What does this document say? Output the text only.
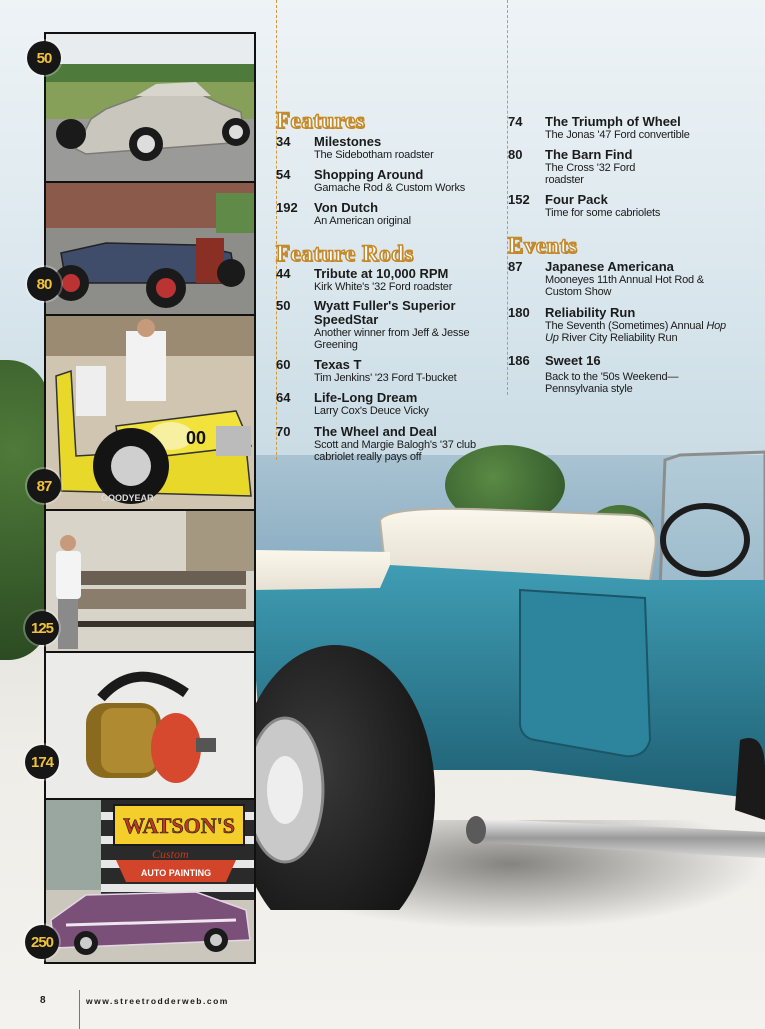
00
GOODYEAR
WATSON'S
Custom
AUTO PAINTING
50
80
87
125
174
250
Features
Feature Rods	Events
34 Milestones
The Sidebotham roadster
54 Shopping Around
Gamache Rod & Custom Works
192 Von Dutch
An American original
44 Tribute at 10,000 RPM
Kirk White's '32 Ford roadster
50 Wyatt Fuller's Superior
SpeedStar
Another winner from Jeff & Jesse
Greening
60 Texas T
Tim Jenkins' '23 Ford T-bucket
64 Life-Long Dream
Larry Cox's Deuce Vicky
70 The Wheel and Deal
Scott and Margie Balogh's '37 club
cabriolet really pays off
74 The Triumph of Wheel
The Jonas '47 Ford convertible
80 The Barn Find
The Cross '32 Ford
roadster
152 Four Pack
Time for some cabriolets
87 Japanese Americana
Mooneyes 11th Annual Hot Rod &
Custom Show
180 Reliability Run
The Seventh (Sometimes) Annual Hop
Up River City Reliability Run
186 Sweet 16
Back to the '50s Weekend—
Pennsylvania style
8	www.streetrodderweb.com
